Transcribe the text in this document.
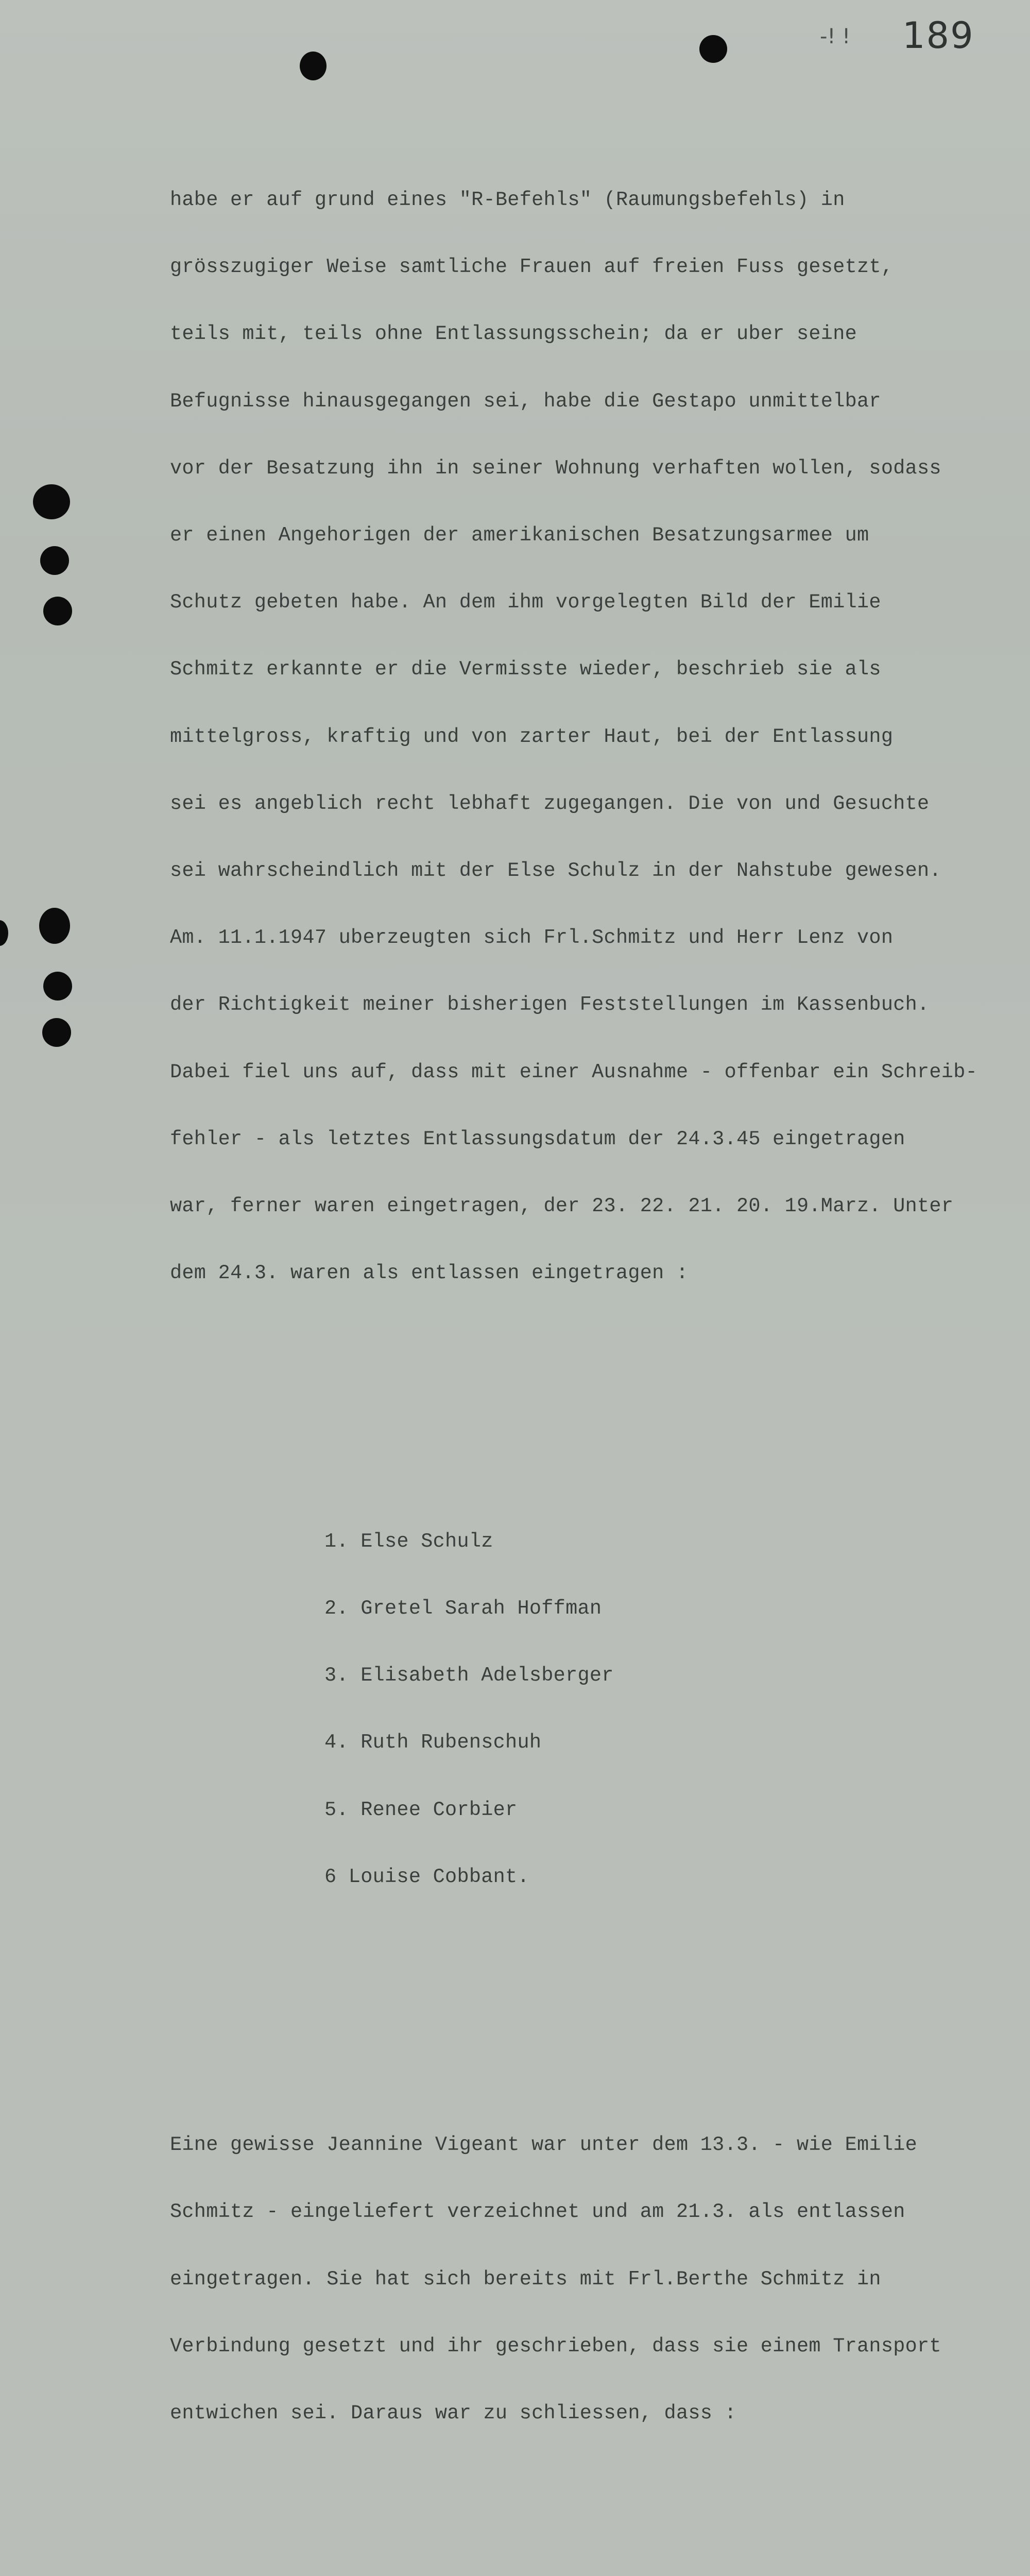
-! ! 189

habe er auf grund eines "R-Befehls" (Raumungsbefehls) in

grösszugiger Weise samtliche Frauen auf freien Fuss gesetzt,

teils mit, teils ohne Entlassungsschein; da er uber seine

Befugnisse hinausgegangen sei, habe die Gestapo unmittelbar

vor der Besatzung ihn in seiner Wohnung verhaften wollen, sodass

er einen Angehorigen der amerikanischen Besatzungsarmee um

Schutz gebeten habe. An dem ihm vorgelegten Bild der Emilie

Schmitz erkannte er die Vermisste wieder, beschrieb sie als

mittelgross, kraftig und von zarter Haut, bei der Entlassung

sei es angeblich recht lebhaft zugegangen. Die von und Gesuchte

sei wahrscheindlich mit der Else Schulz in der Nahstube gewesen.

Am. 11.1.1947 uberzeugten sich Frl.Schmitz und Herr Lenz von

der Richtigkeit meiner bisherigen Feststellungen im Kassenbuch.

Dabei fiel uns auf, dass mit einer Ausnahme - offenbar ein Schreib-

fehler - als letztes Entlassungsdatum der 24.3.45 eingetragen

war, ferner waren eingetragen, der 23. 22. 21. 20. 19.Marz. Unter

dem 24.3. waren als entlassen eingetragen :

1. Else Schulz

2. Gretel Sarah Hoffman

3. Elisabeth Adelsberger

4. Ruth Rubenschuh

5. Renee Corbier

6 Louise Cobbant.

Eine gewisse Jeannine Vigeant war unter dem 13.3. - wie Emilie

Schmitz - eingeliefert verzeichnet und am 21.3. als entlassen

eingetragen. Sie hat sich bereits mit Frl.Berthe Schmitz in

Verbindung gesetzt und ihr geschrieben, dass sie einem Transport

entwichen sei. Daraus war zu schliessen, dass :
